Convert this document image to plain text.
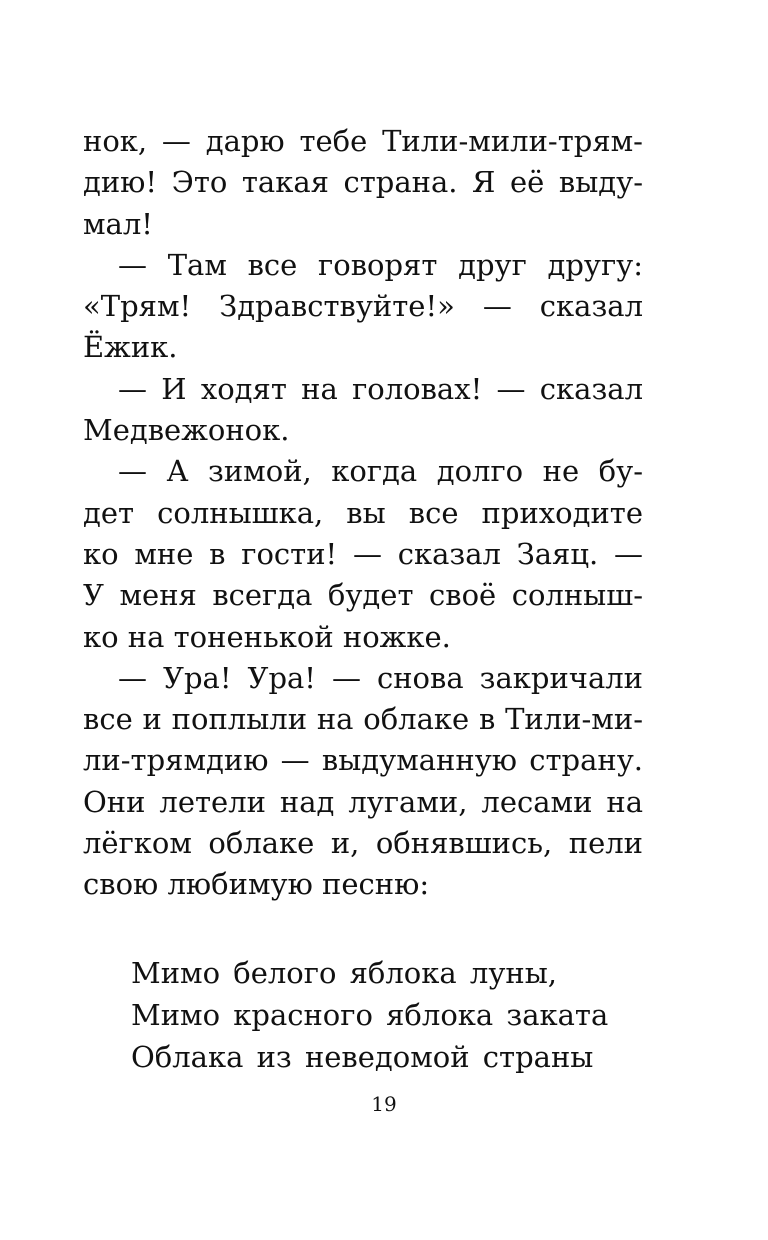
нок, — дарю тебе Тили-мили-трям-
дию! Это такая страна. Я её выду-
мал!

— Там все говорят друг другу:
«Трям! Здравствуйте!» — сказал
Ёжик.

— И ходят на головах! — сказал
Медвежонок.

— А зимой, когда долго не бу-
дет солнышка, вы все приходите
ко мне в гости! — сказал Заяц. —
У меня всегда будет своё солныш-
ко на тоненькой ножке.

— Ура! Ура! — снова закричали
все и поплыли на облаке в Тили-ми-
ли-трямдию — выдуманную страну.
Они летели над лугами, лесами на
лёгком облаке и, обнявшись, пели
свою любимую песню:

Мимо белого яблока луны,
Мимо красного яблока заката
Облака из неведомой страны
19
